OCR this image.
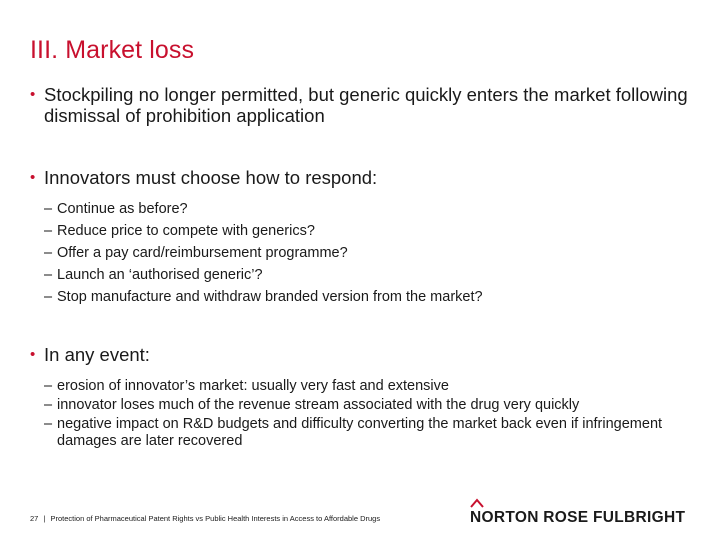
III. Market loss
• Stockpiling no longer permitted, but generic quickly enters the market following dismissal of prohibition application
• Innovators must choose how to respond:
– Continue as before?
– Reduce price to compete with generics?
– Offer a pay card/reimbursement programme?
– Launch an ‘authorised generic’?
– Stop manufacture and withdraw branded version from the market?
• In any event:
– erosion of innovator’s market: usually very fast and extensive
– innovator loses much of the revenue stream associated with the drug very quickly
– negative impact on R&D budgets and difficulty converting the market back even if infringement damages are later recovered
27 | Protection of Pharmaceutical Patent Rights vs Public Health Interests in Access to Affordable Drugs	NORTON ROSE FULBRIGHT
